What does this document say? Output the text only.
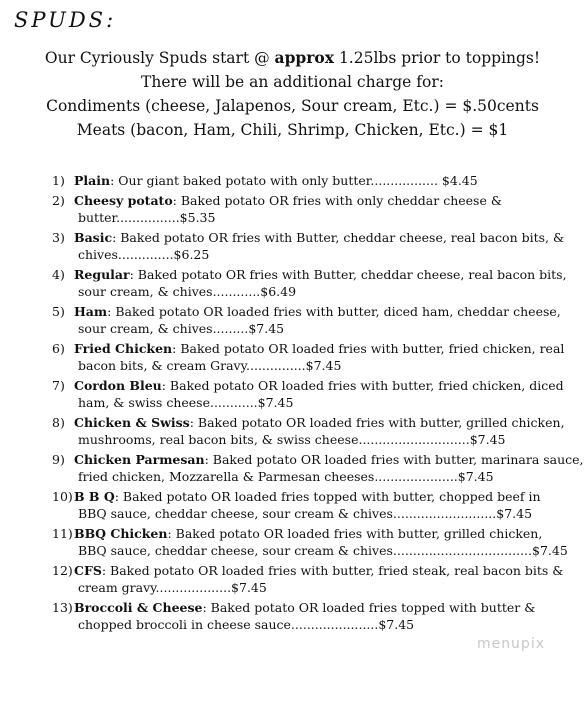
SPUDS:
Our Cyriously Spuds start @ approx 1.25lbs prior to toppings!
There will be an additional charge for:
Condiments (cheese, Jalapenos, Sour cream, Etc.) = $.50cents
Meats (bacon, Ham, Chili, Shrimp, Chicken, Etc.) = $1
1) Plain: Our giant baked potato with only butter................. $4.45
2) Cheesy potato: Baked potato OR fries with only cheddar cheese &
butter................$5.35
3) Basic: Baked potato OR fries with Butter, cheddar cheese, real bacon bits, &
chives..............$6.25
4) Regular: Baked potato OR fries with Butter, cheddar cheese, real bacon bits,
sour cream, & chives............$6.49
5) Ham: Baked potato OR loaded fries with butter, diced ham, cheddar cheese,
sour cream, & chives.........$7.45
6) Fried Chicken: Baked potato OR loaded fries with butter, fried chicken, real
bacon bits, & cream Gravy...............$7.45
7) Cordon Bleu: Baked potato OR loaded fries with butter, fried chicken, diced
ham, & swiss cheese............$7.45
8) Chicken & Swiss: Baked potato OR loaded fries with butter, grilled chicken,
mushrooms, real bacon bits, & swiss cheese............................$7.45
9) Chicken Parmesan: Baked potato OR loaded fries with butter, marinara sauce,
fried chicken, Mozzarella & Parmesan cheeses.....................$7.45
10) B B Q: Baked potato OR loaded fries topped with butter, chopped beef in
BBQ sauce, cheddar cheese, sour cream & chives..........................$7.45
11) BBQ Chicken: Baked potato OR loaded fries with butter, grilled chicken,
BBQ sauce, cheddar cheese, sour cream & chives...................................$7.45
12) CFS: Baked potato OR loaded fries with butter, fried steak, real bacon bits &
cream gravy...................$7.45
13) Broccoli & Cheese: Baked potato OR loaded fries topped with butter &
chopped broccoli in cheese sauce......................$7.45
menupix
